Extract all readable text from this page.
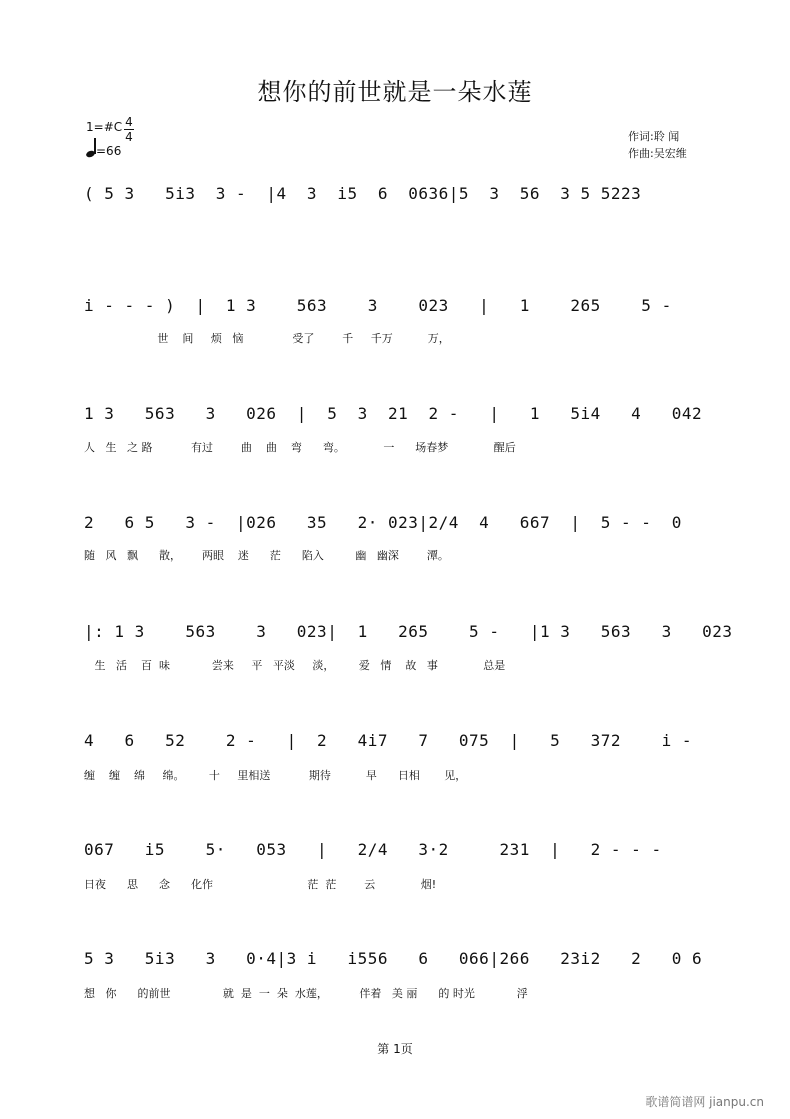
想你的前世就是一朵水莲
1=#C 4
4
=66
作词:聆 闻
作曲:吴宏维
( 5 3   5i3  3 -  |4  3  i5  6  0636|5  3  56  3 5 5223
i - - - )  |  1 3    563    3    023   |   1    265    5 -
世    间     烦   恼              受了        千     千万          万，
1 3   563   3   026  |  5  3  21  2 -   |   1   5i4   4   042
人   生   之 路           有过        曲    曲    弯      弯。           一      场春梦             醒后
2   6 5   3 -  |026   35   2· 023|2/4  4   667  |  5 - -  0
随   风   飘      散，      两眼    迷      茫      陷入         幽   幽深        潭。
|: 1 3    563    3   023|  1   265    5 -   |1 3   563   3   023
生   活    百  味            尝来     平   平淡     淡，       爱   情    故   事             总是
4   6   52    2 -   |  2   4i7   7   075  |   5   372    i -
缠    缠    绵     绵。       十     里相送           期待          早      日相       见，
067   i5    5·   053   |   2/4   3·2     231  |   2 - - -
日夜      思      念      化作                           茫  茫        云             烟!
5 3   5i3   3   0·4|3 i   i556   6   066|266   23i2   2   0 6
想   你      的前世               就  是  一  朵  水莲，         伴着   美 丽      的 时光            浮
第 1页
歌谱简谱网 jianpu.cn
